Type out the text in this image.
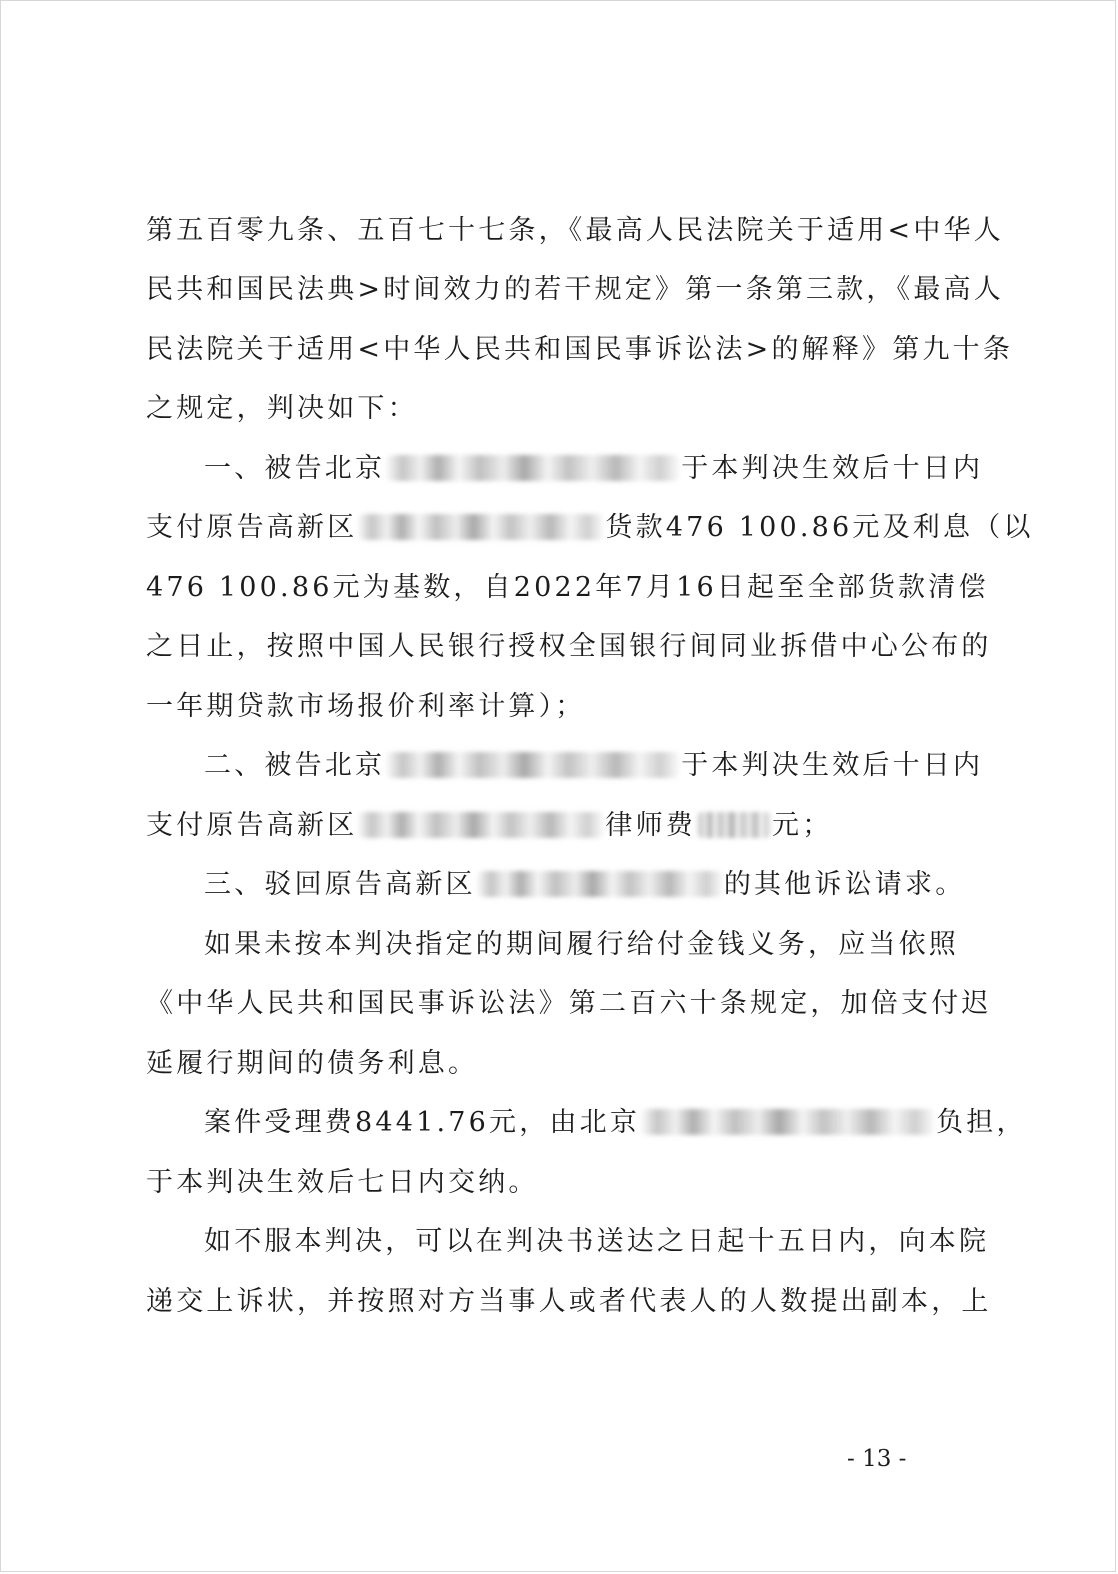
第五百零九条、五百七十七条，《最高人民法院关于适用<中华人
民共和国民法典>时间效力的若干规定》第一条第三款，《最高人
民法院关于适用<中华人民共和国民事诉讼法>的解释》第九十条
之规定，判决如下：
一、被告北京	于本判决生效后十日内
支付原告高新区	货款476 100.86元及利息（以
476 100.86元为基数，自2022年7月16日起至全部货款清偿
之日止，按照中国人民银行授权全国银行间同业拆借中心公布的
一年期贷款市场报价利率计算）；
二、被告北京	于本判决生效后十日内
支付原告高新区	律师费	元；
三、驳回原告高新区	的其他诉讼请求。
如果未按本判决指定的期间履行给付金钱义务，应当依照
《中华人民共和国民事诉讼法》第二百六十条规定，加倍支付迟
延履行期间的债务利息。
案件受理费8441.76元，由北京	负担，
于本判决生效后七日内交纳。
如不服本判决，可以在判决书送达之日起十五日内，向本院
递交上诉状，并按照对方当事人或者代表人的人数提出副本，上
- 13 -
